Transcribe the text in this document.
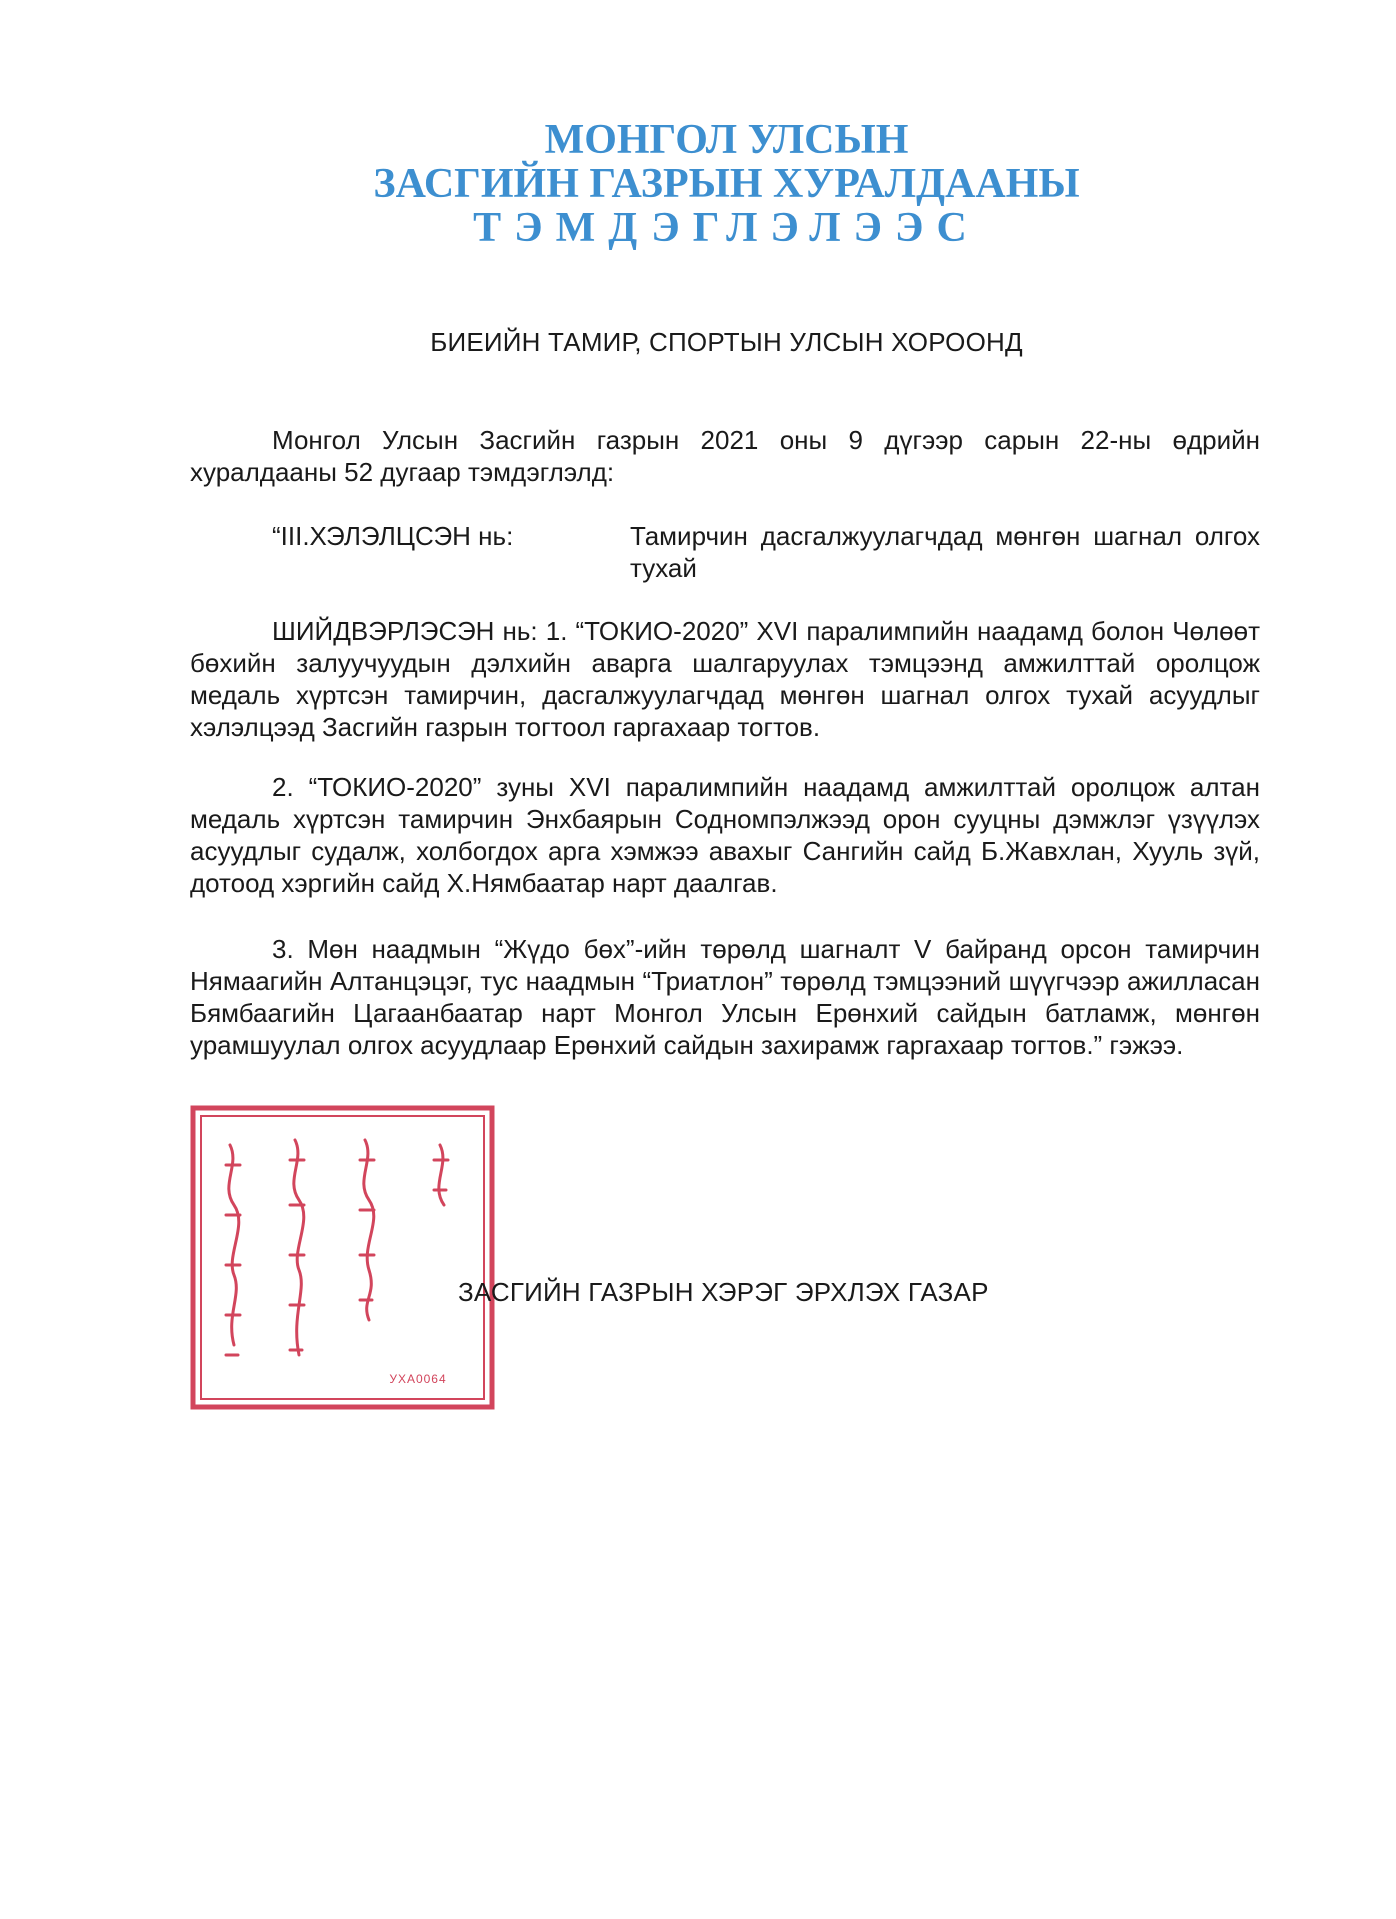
МОНГОЛ УЛСЫН
ЗАСГИЙН ГАЗРЫН ХУРАЛДААНЫ
ТЭМДЭГЛЭЛЭЭС
БИЕИЙН ТАМИР, СПОРТЫН УЛСЫН ХОРООНД
Монгол Улсын Засгийн газрын 2021 оны 9 дүгээр сарын 22-ны өдрийн хуралдааны 52 дугаар тэмдэглэлд:
“III.ХЭЛЭЛЦСЭН нь:	Тамирчин дасгалжуулагчдад мөнгөн шагнал олгох тухай
ШИЙДВЭРЛЭСЭН нь: 1. “ТОКИО-2020” XVI паралимпийн наадамд болон Чөлөөт бөхийн залуучуудын дэлхийн аварга шалгаруулах тэмцээнд амжилттай оролцож медаль хүртсэн тамирчин, дасгалжуулагчдад мөнгөн шагнал олгох тухай асуудлыг хэлэлцээд Засгийн газрын тогтоол гаргахаар тогтов.
2. “ТОКИО-2020” зуны XVI паралимпийн наадамд амжилттай оролцож алтан медаль хүртсэн тамирчин Энхбаярын Содномпэлжээд орон сууцны дэмжлэг үзүүлэх асуудлыг судалж, холбогдох арга хэмжээ авахыг Сангийн сайд Б.Жавхлан, Хууль зүй, дотоод хэргийн сайд Х.Нямбаатар нарт даалгав.
3. Мөн наадмын “Жүдо бөх”-ийн төрөлд шагналт V байранд орсон тамирчин Нямаагийн Алтанцэцэг, тус наадмын “Триатлон” төрөлд тэмцээний шүүгчээр ажилласан Бямбаагийн Цагаанбаатар нарт Монгол Улсын Ерөнхий сайдын батламж, мөнгөн урамшуулал олгох асуудлаар Ерөнхий сайдын захирамж гаргахаар тогтов.” гэжээ.
УХА0064
ЗАСГИЙН ГАЗРЫН ХЭРЭГ ЭРХЛЭХ ГАЗАР
